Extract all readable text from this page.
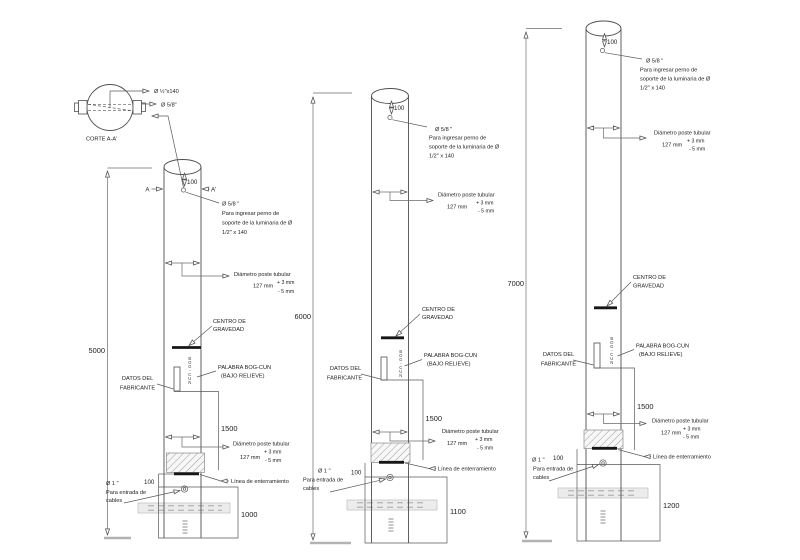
Ø ½"x140
Ø 5/8"
CORTE A-A'
5000
1000
A	A'
100
Ø 5/8 "
Para ingresar perno de
soporte de la luminaria de Ø
1/2" x 140
Diámetro poste tubular
127 mm
+ 3 mm
- 5 mm
CENTRO DE
GRAVEDAD
BOG-CUN
DATOS DEL
FABRICANTE
PALABRA BOG-CUN
(BAJO RELIEVE)
1500
Diámetro poste tubular
127 mm
+ 3 mm
- 5 mm
Línea de enterramiento
100
Ø 1 "
Para entrada de
cables
6000
1100
100
Ø 5/8 "
Para ingresar perno de
soporte de la luminaria de Ø
1/2" x 140
Diámetro poste tubular
127 mm
+ 3 mm
- 5 mm
CENTRO DE
GRAVEDAD
BOG-CUN
DATOS DEL
FABRICANTE
PALABRA BOG-CUN
(BAJO RELIEVE)
1500
Diámetro poste tubular
127 mm
+ 3 mm
- 5 mm
Línea de enterramiento
100
Ø 1 "
Para entrada de
cables
7000
1200
100
Ø 5/8 "
Para ingresar perno de
soporte de la luminaria de Ø
1/2" x 140
Diámetro poste tubular
127 mm
+ 3 mm
- 5 mm
CENTRO DE
GRAVEDAD
BOG-CUN
DATOS DEL
FABRICANTE
PALABRA BOG-CUN
(BAJO RELIEVE)
1500
Diámetro poste tubular
127 mm
+ 3 mm
- 5 mm
Línea de enterramiento
100
Ø 1 "
Para entrada de
cables
